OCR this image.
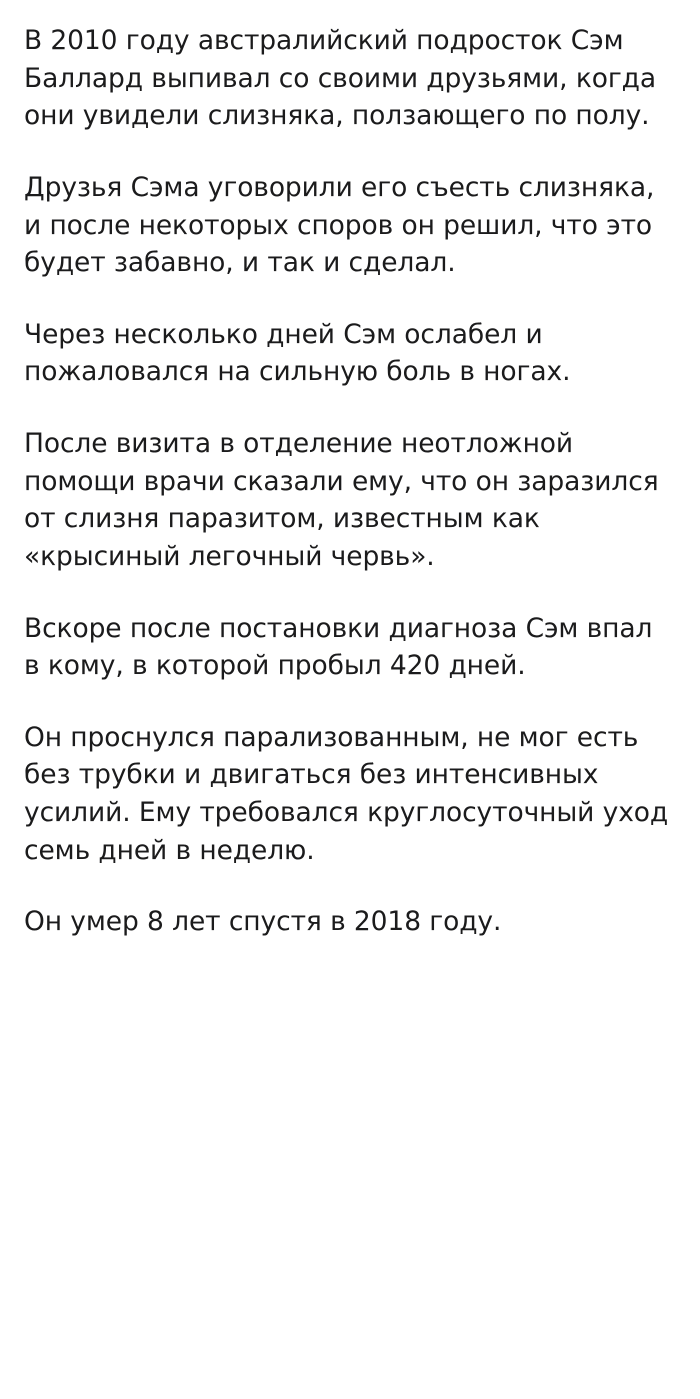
В 2010 году австралийский подросток Сэм Баллард выпивал со своими друзьями, когда они увидели слизняка, ползающего по полу.

Друзья Сэма уговорили его съесть слизняка, и после некоторых споров он решил, что это будет забавно, и так и сделал.

Через несколько дней Сэм ослабел и пожаловался на сильную боль в ногах.

После визита в отделение неотложной помощи врачи сказали ему, что он заразился от слизня паразитом, известным как «крысиный легочный червь».

Вскоре после постановки диагноза Сэм впал в кому, в которой пробыл 420 дней.

Он проснулся парализованным, не мог есть без трубки и двигаться без интенсивных усилий. Ему требовался круглосуточный уход семь дней в неделю.

Он умер 8 лет спустя в 2018 году.
